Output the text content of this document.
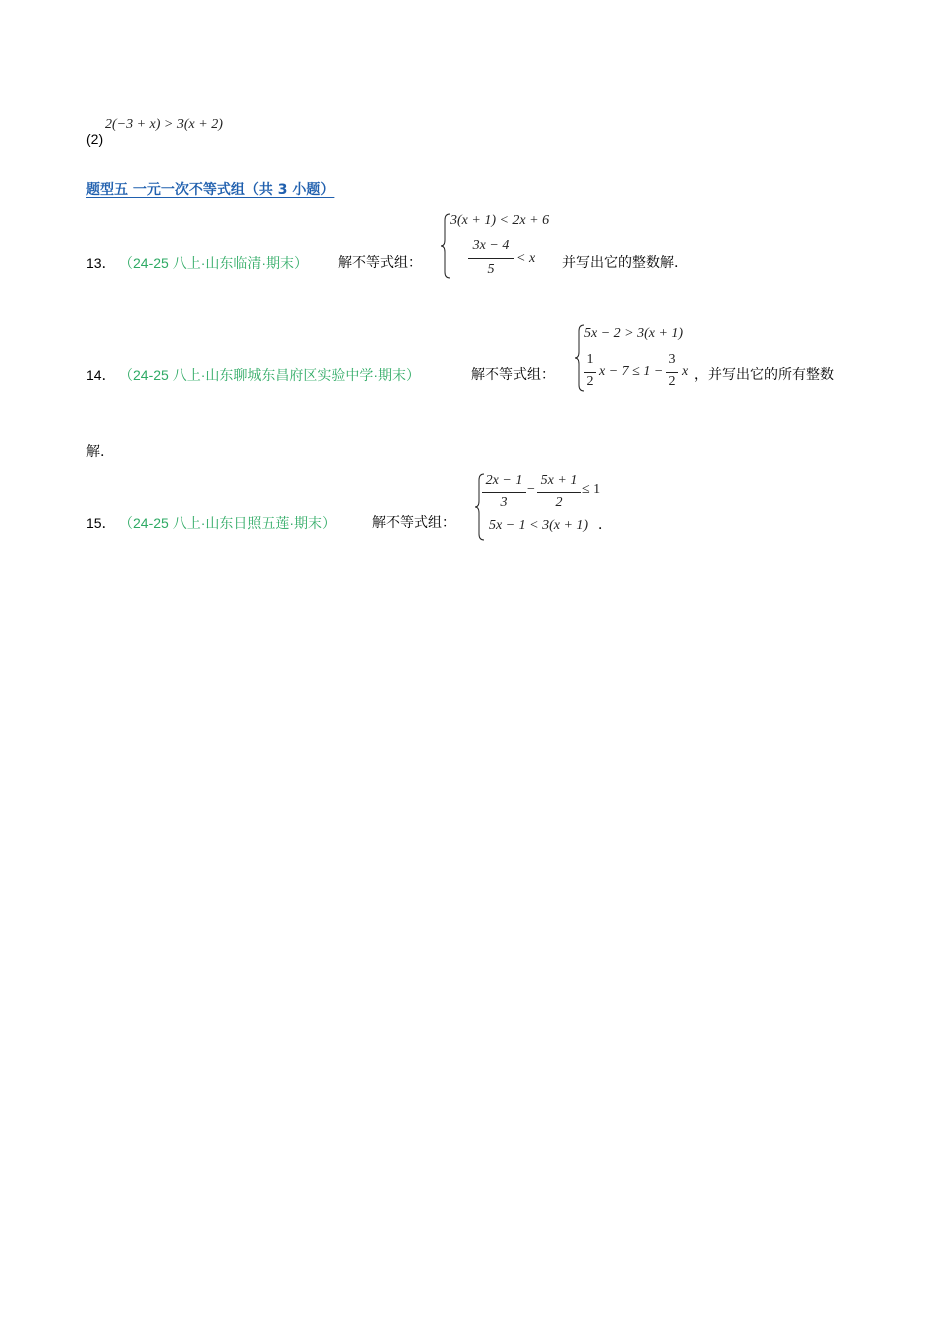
(2)
2(−3 + x) > 3(x + 2)
题型五 一元一次不等式组（共 3 小题）
13． （24-25 八上·山东临清·期末） 解不等式组：
3(x + 1) < 2x + 6
3x − 4
5
< x 并写出它的整数解.
14． （24-25 八上·山东聊城东昌府区实验中学·期末）	解不等式组：
5x − 2 > 3(x + 1)
1
2
x − 7 ≤ 1 −
3
2
x ，并写出它的所有整数
解.
15． （24-25 八上·山东日照五莲·期末）	解不等式组：
2x − 1
3
−
5x + 1
2
≤ 1
5x − 1 < 3(x + 1) ．
